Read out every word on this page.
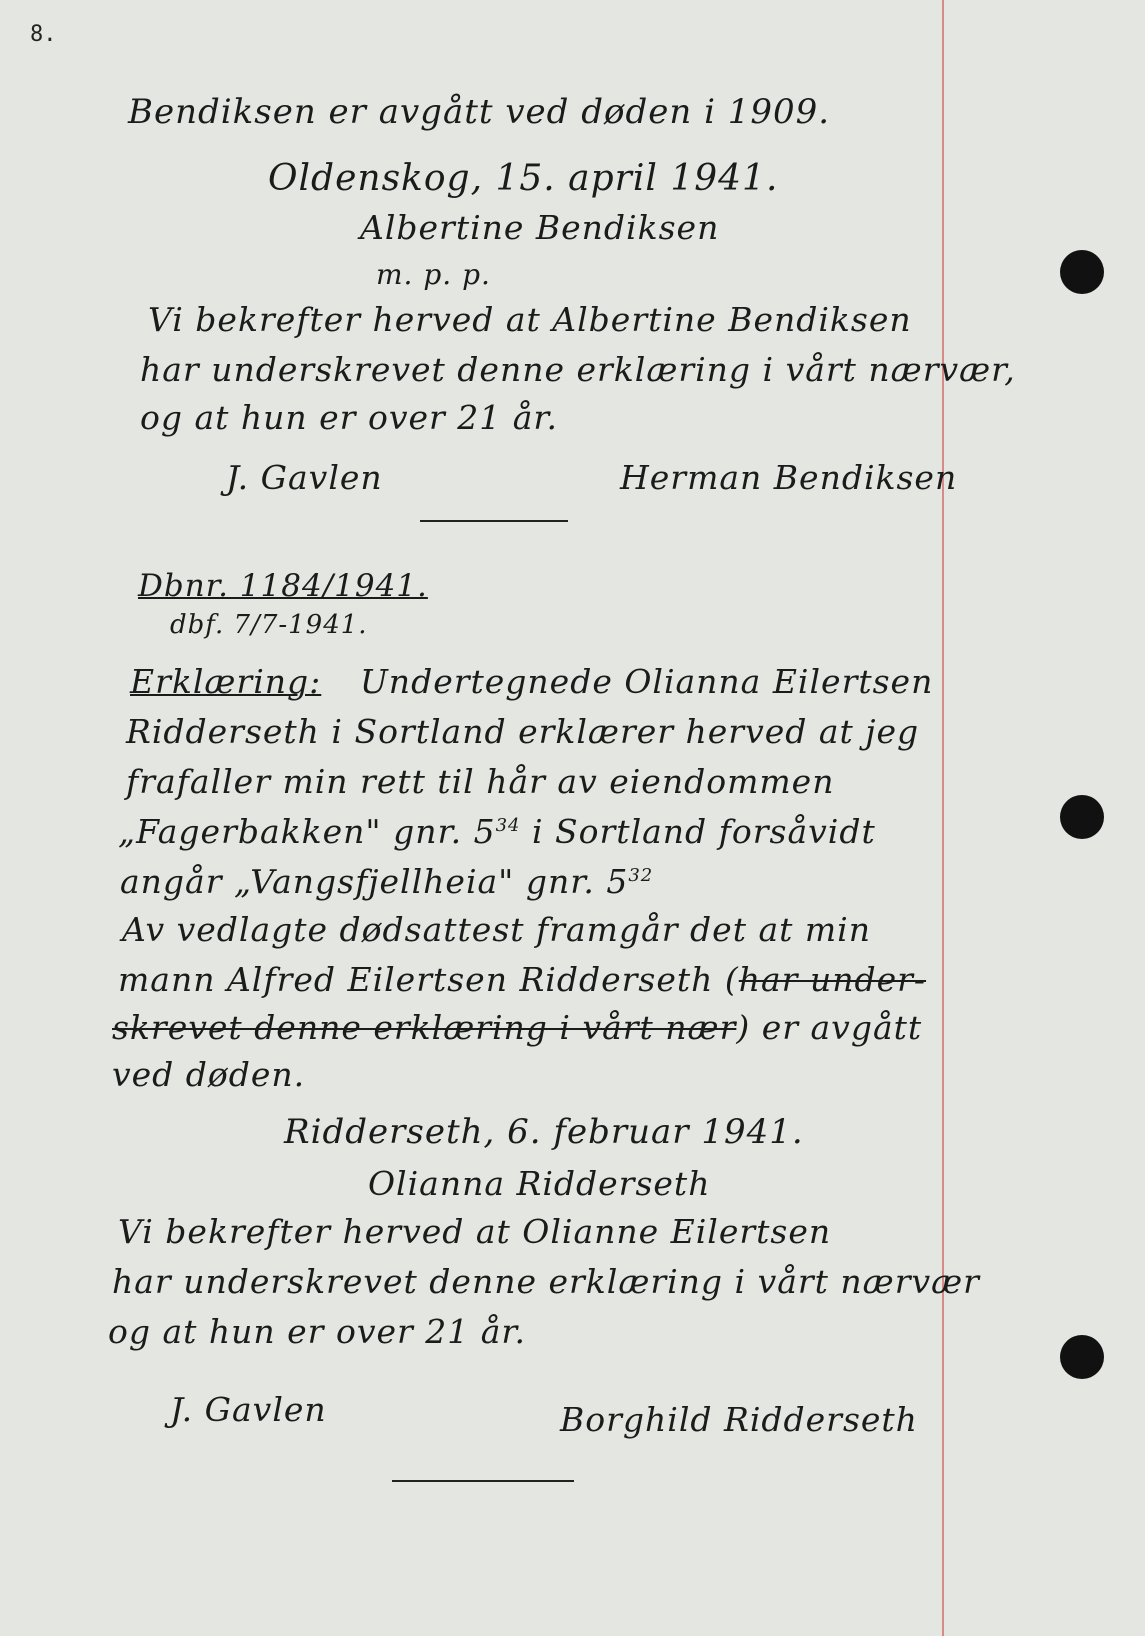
8.
Bendiksen er avgått ved døden i 1909.
Oldenskog, 15. april 1941.
Albertine Bendiksen
m. p. p.
Vi bekrefter herved at Albertine Bendiksen
har underskrevet denne erklæring i vårt nærvær,
og at hun er over 21 år.
J. Gavlen	Herman Bendiksen
Dbnr. 1184/1941.
dbf. 7/7-1941.
Erklæring: Undertegnede Olianna Eilertsen
Ridderseth i Sortland erklærer herved at jeg
frafaller min rett til hår av eiendommen
„Fagerbakken" gnr. $5^{34}$ i Sortland forsåvidt
angår „Vangsfjellheia" gnr. $5^{32}$
Av vedlagte dødsattest framgår det at min
mann Alfred Eilertsen Ridderseth (har under-
skrevet denne erklæring i vårt nær) er avgått
ved døden.
Ridderseth, 6. februar 1941.
Olianna Ridderseth
Vi bekrefter herved at Olianne Eilertsen
har underskrevet denne erklæring i vårt nærvær
og at hun er over 21 år.
J. Gavlen	Borghild Ridderseth
